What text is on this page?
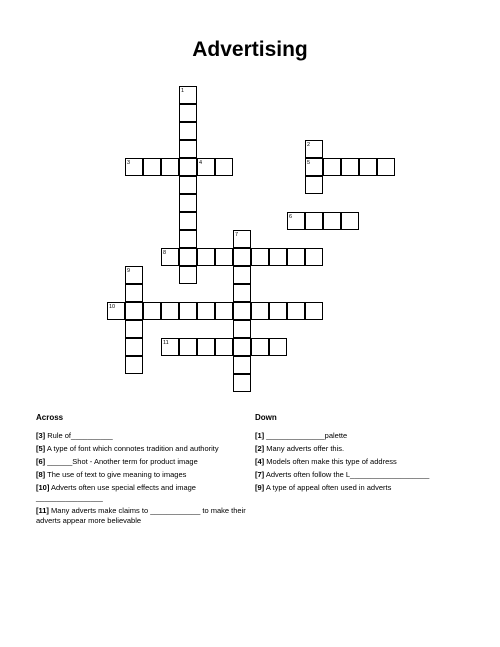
Advertising
1
2
3	4	5
6
7
8
9
10
11
Across	Down
[3] Rule of__________
[5] A type of font which connotes tradition and authority
[6] ______Shot - Another term for product image
[8] The use of text to give meaning to images
[10] Adverts often use special effects and image ________________
[11] Many adverts make claims to ____________ to make their adverts appear more believable
[1] ______________palette
[2] Many adverts offer this.
[4] Models often make this type of address
[7] Adverts often follow the L___________________
[9] A type of appeal often used in adverts
